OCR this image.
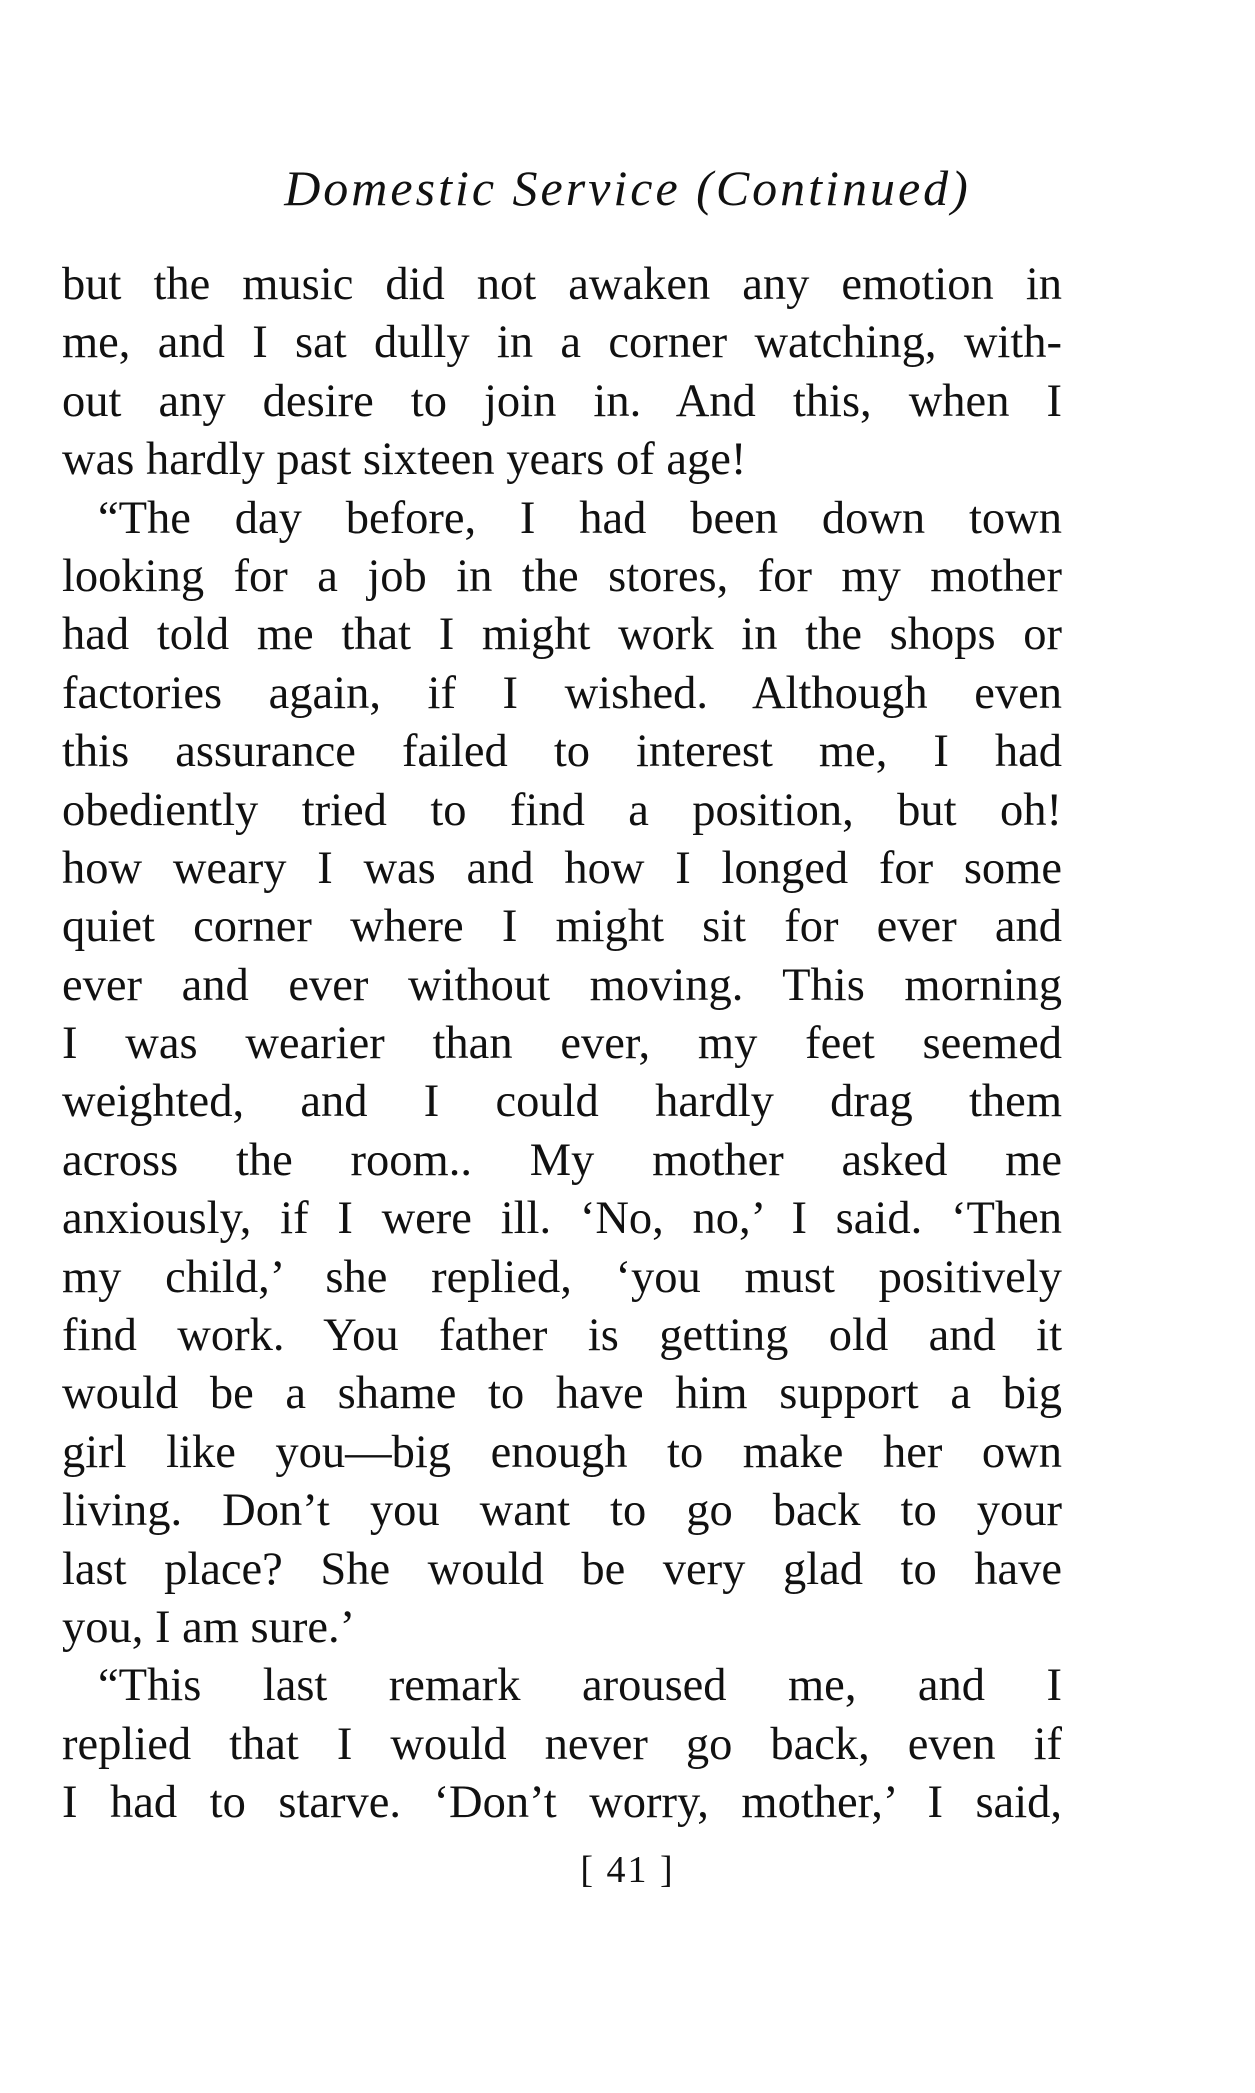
Domestic Service (Continued)
but the music did not awaken any emotion in
me, and I sat dully in a corner watching, with-
out any desire to join in. And this, when I
was hardly past sixteen years of age!
“The day before, I had been down town
looking for a job in the stores, for my mother
had told me that I might work in the shops or
factories again, if I wished. Although even
this assurance failed to interest me, I had
obediently tried to find a position, but oh!
how weary I was and how I longed for some
quiet corner where I might sit for ever and
ever and ever without moving. This morning
I was wearier than ever, my feet seemed
weighted, and I could hardly drag them
across the room.. My mother asked me
anxiously, if I were ill. ‘No, no,’ I said. ‘Then
my child,’ she replied, ‘you must positively
find work. You father is getting old and it
would be a shame to have him support a big
girl like you—big enough to make her own
living. Don’t you want to go back to your
last place? She would be very glad to have
you, I am sure.’
“This last remark aroused me, and I
replied that I would never go back, even if
I had to starve. ‘Don’t worry, mother,’ I said,
[ 41 ]
